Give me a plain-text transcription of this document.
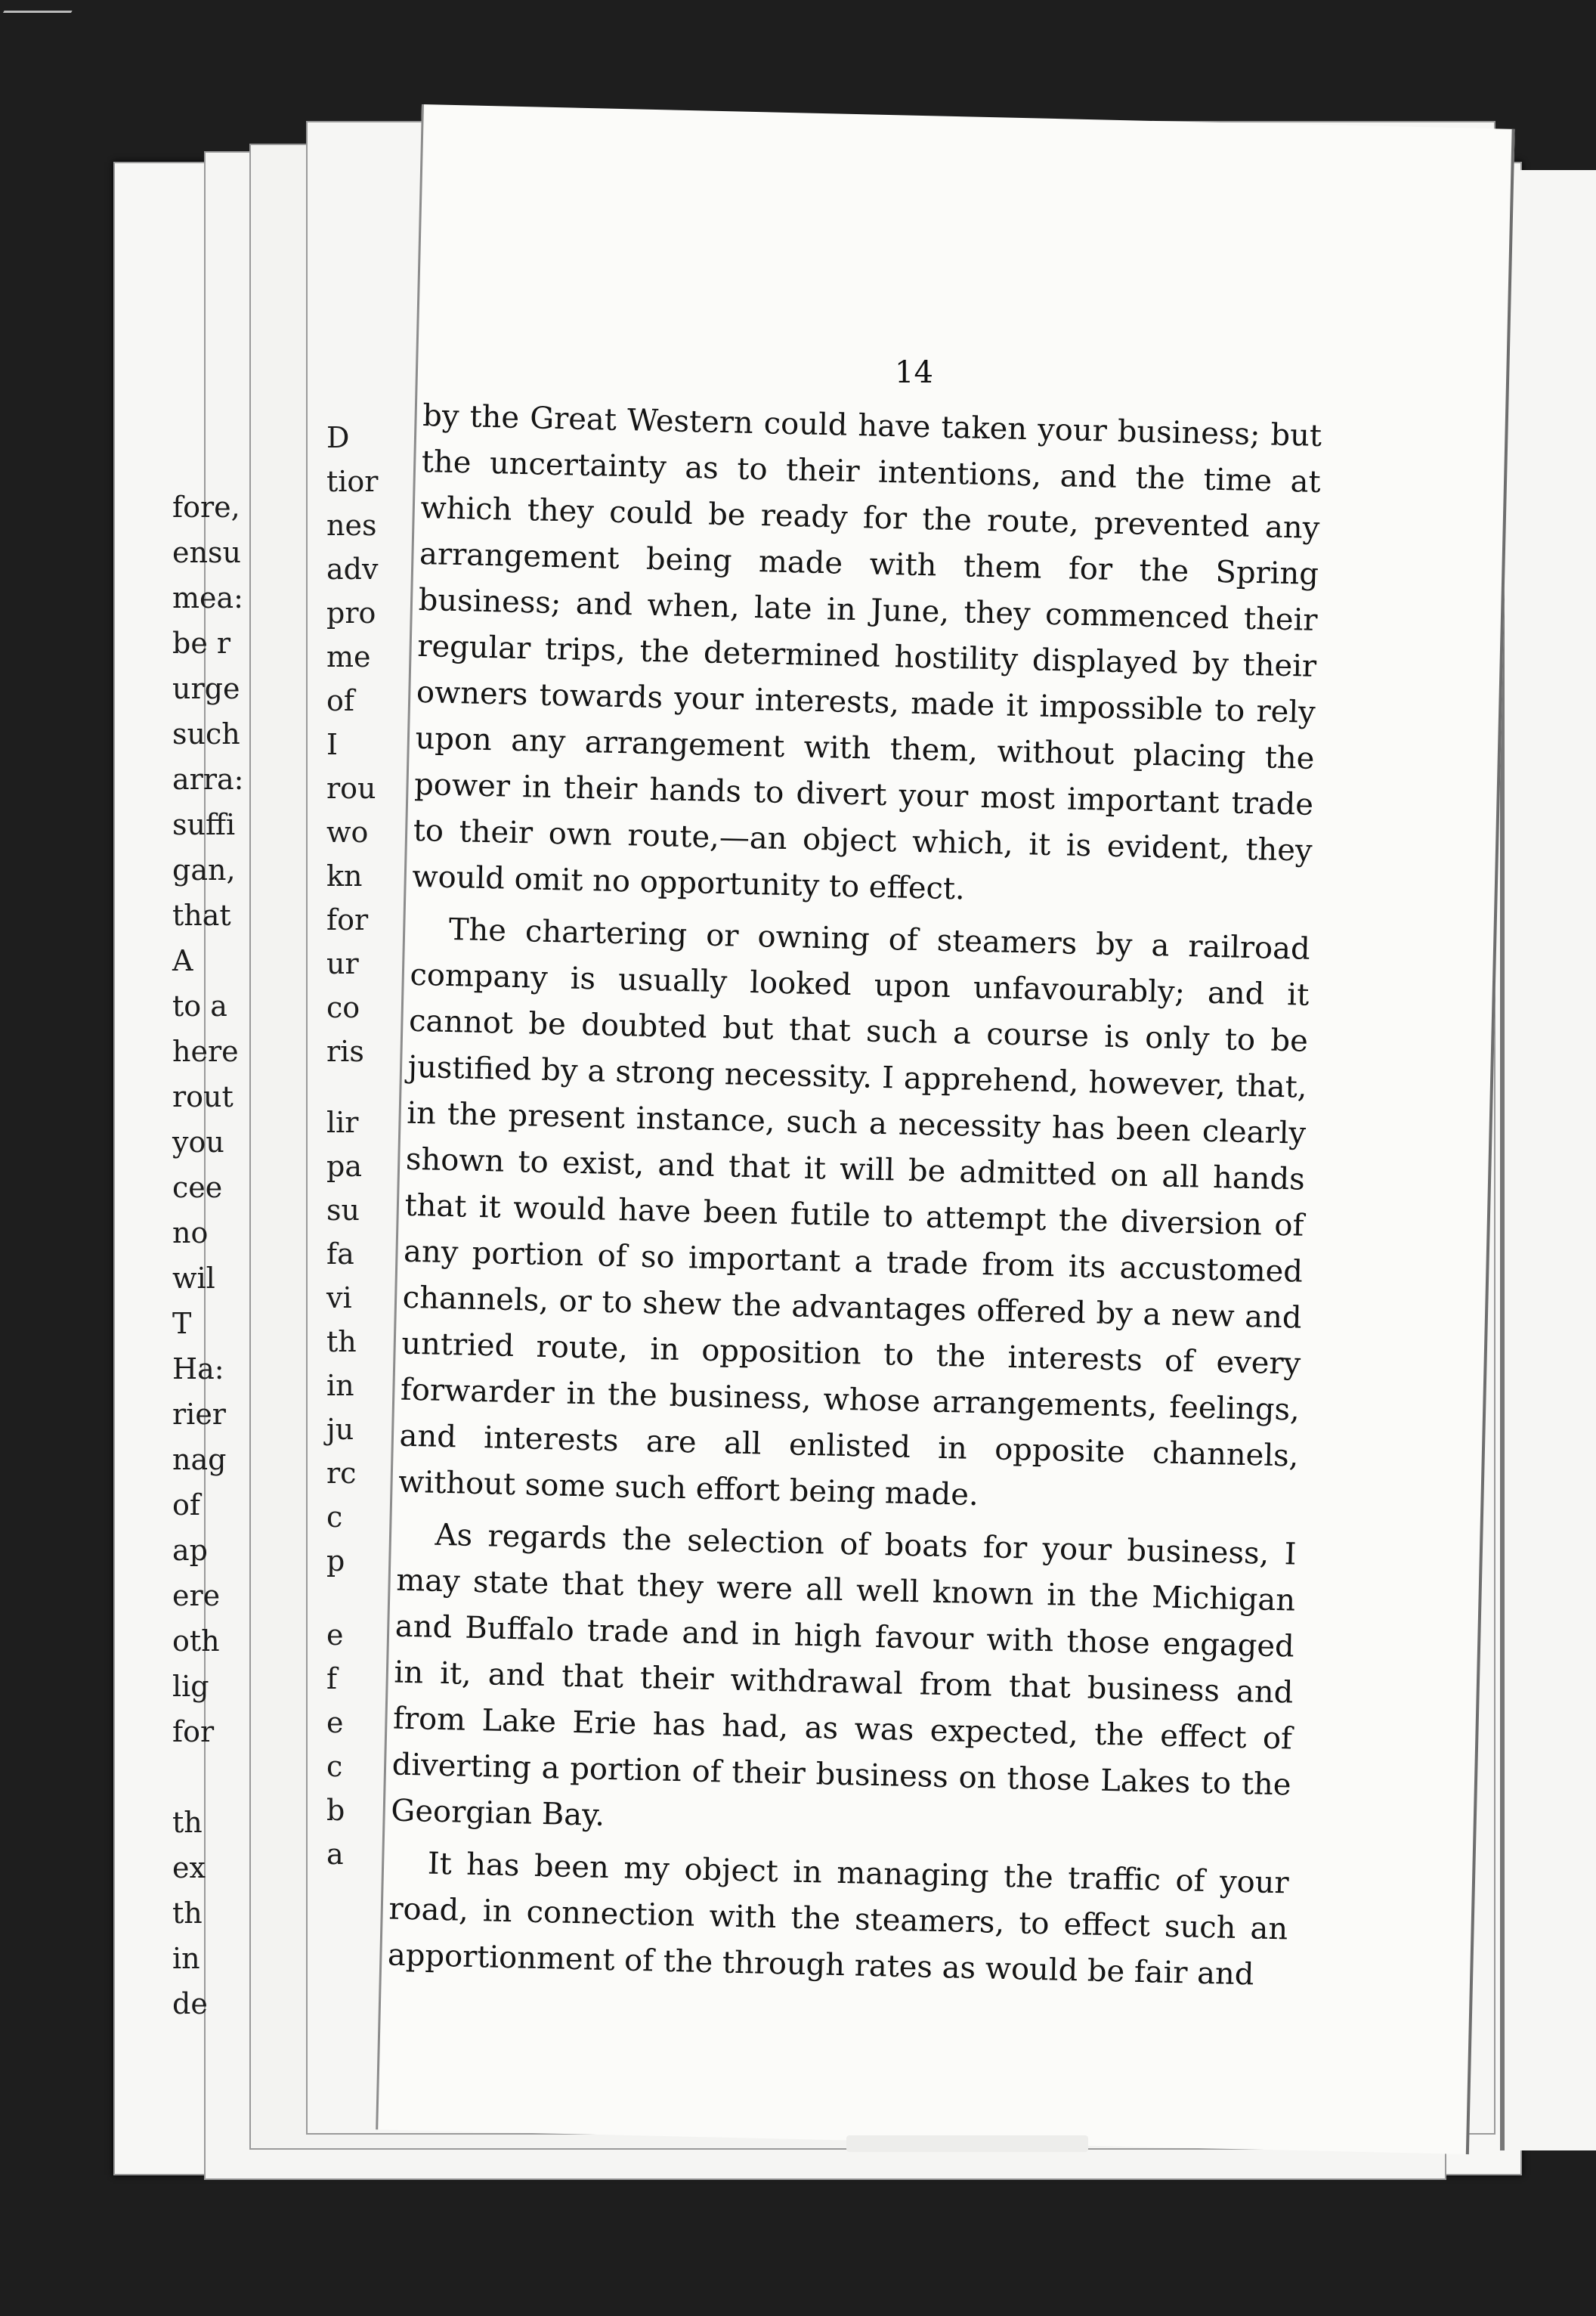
fore,
ensu
mea:
be r
urge
such
arra:
suffi
gan,
that
A
to a
here
rout
you
cee
no
wil
T
Ha:
rier
nag
of
ap
ere
oth
lig
for
th
ex
th
in
de
D
tior
nes
adv
pro
me
of
I
rou
wo
kn
for
ur
co
ris
lir
pa
su
fa
vi
th
in
ju
rc
c
p
e
f
e
c
b
a
14

by the Great Western could have taken your business; but the uncertainty as to their intentions, and the time at which they could be ready for the route, prevented any arrangement being made with them for the Spring business; and when, late in June, they commenced their regular trips, the determined hostility displayed by their owners towards your interests, made it impossible to rely upon any arrangement with them, without placing the power in their hands to divert your most important trade to their own route,—an object which, it is evident, they would omit no opportunity to effect.

The chartering or owning of steamers by a railroad company is usually looked upon unfavourably; and it cannot be doubted but that such a course is only to be justified by a strong necessity. I apprehend, however, that, in the present instance, such a necessity has been clearly shown to exist, and that it will be admitted on all hands that it would have been futile to attempt the diversion of any portion of so important a trade from its accustomed channels, or to shew the advantages offered by a new and untried route, in opposition to the interests of every forwarder in the business, whose arrangements, feelings, and interests are all enlisted in opposite channels, without some such effort being made.

As regards the selection of boats for your business, I may state that they were all well known in the Michigan and Buffalo trade and in high favour with those engaged in it, and that their withdrawal from that business and from Lake Erie has had, as was expected, the effect of diverting a portion of their business on those Lakes to the Georgian Bay.

It has been my object in managing the traffic of your road, in connection with the steamers, to effect such an apportionment of the through rates as would be fair and
